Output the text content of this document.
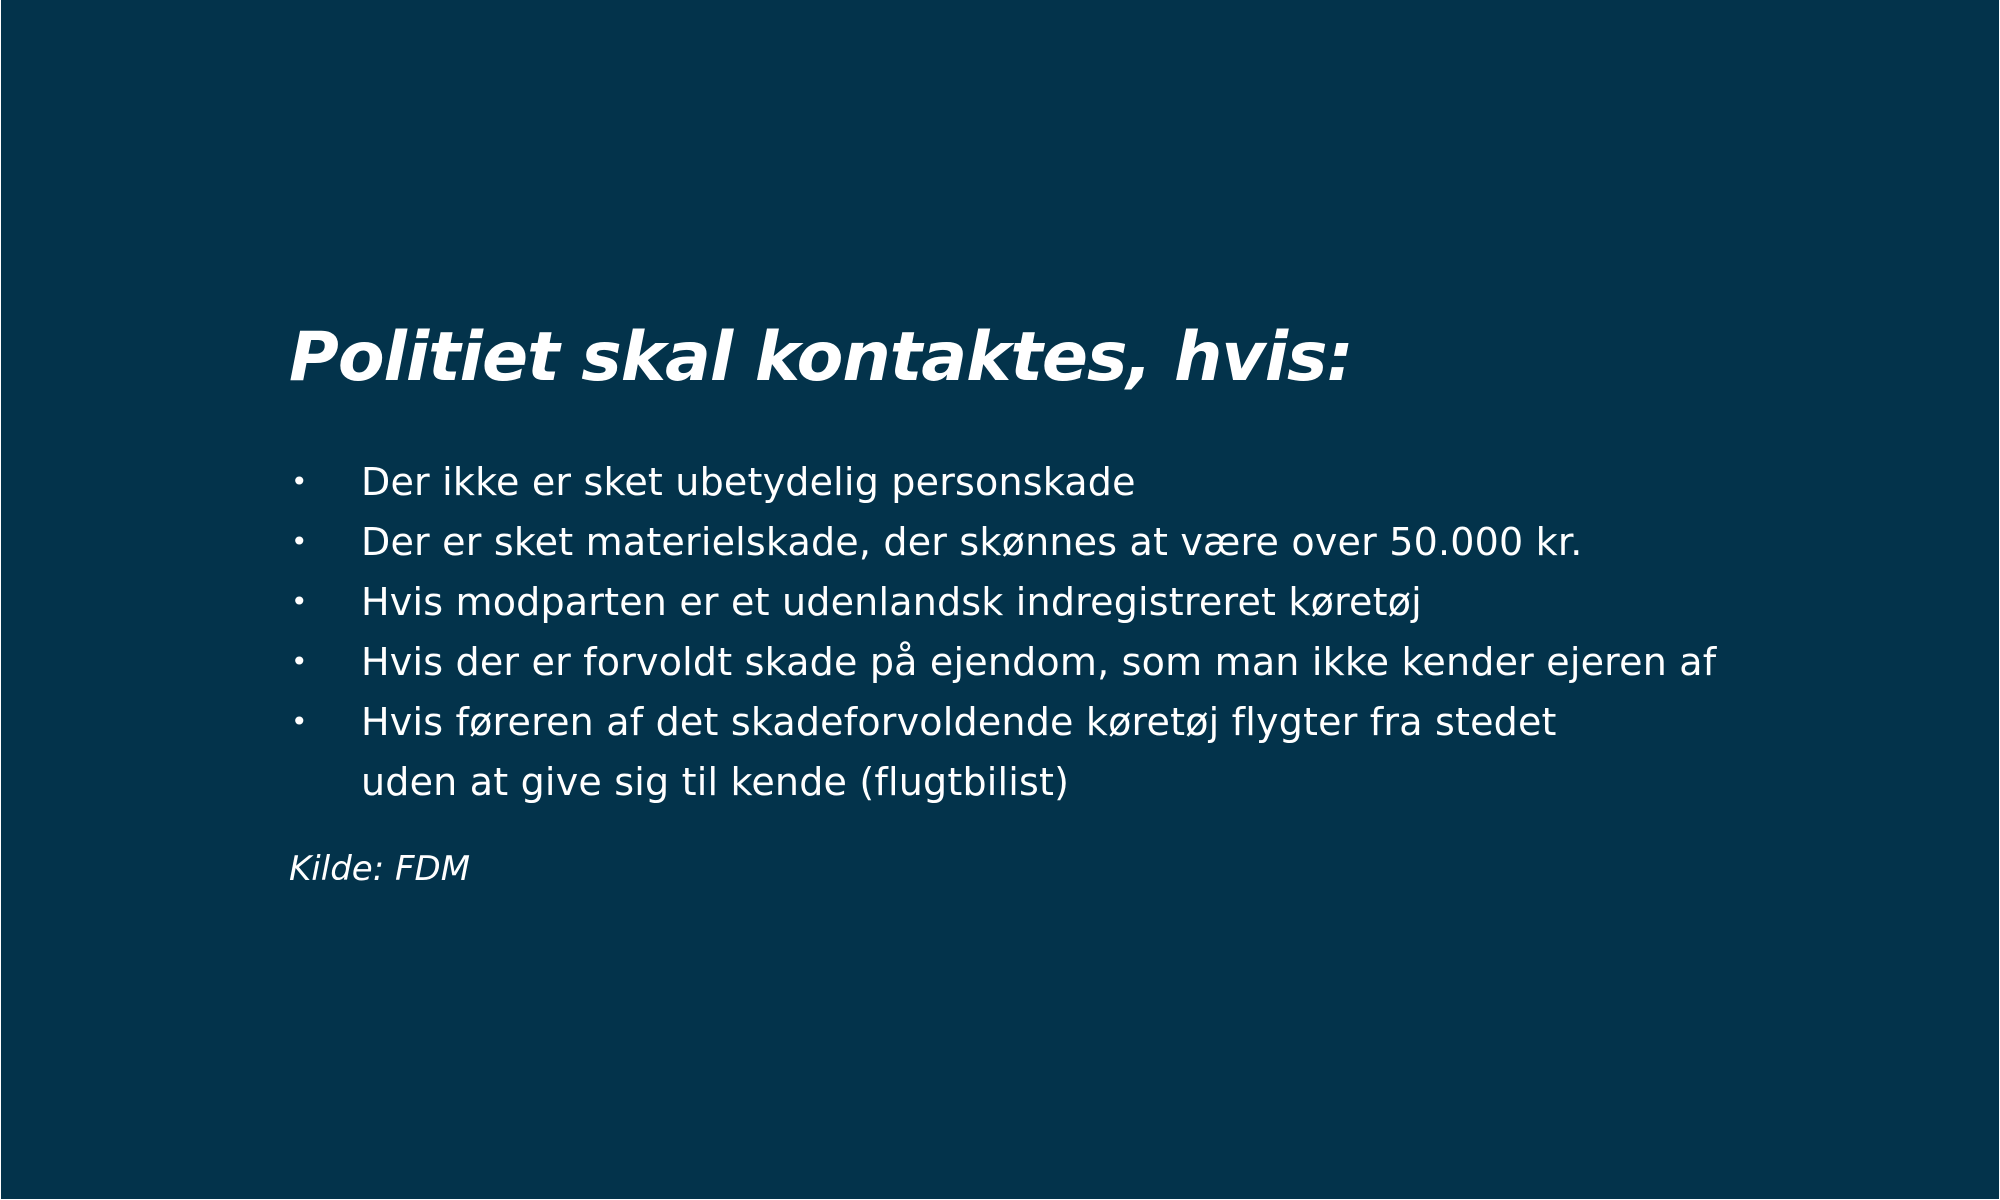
Politiet skal kontaktes, hvis:
• Der ikke er sket ubetydelig personskade
• Der er sket materielskade, der skønnes at være over 50.000 kr.
• Hvis modparten er et udenlandsk indregistreret køretøj
• Hvis der er forvoldt skade på ejendom, som man ikke kender ejeren af
• Hvis føreren af det skadeforvoldende køretøj flygter fra stedet
uden at give sig til kende (flugtbilist)

Kilde: FDM
